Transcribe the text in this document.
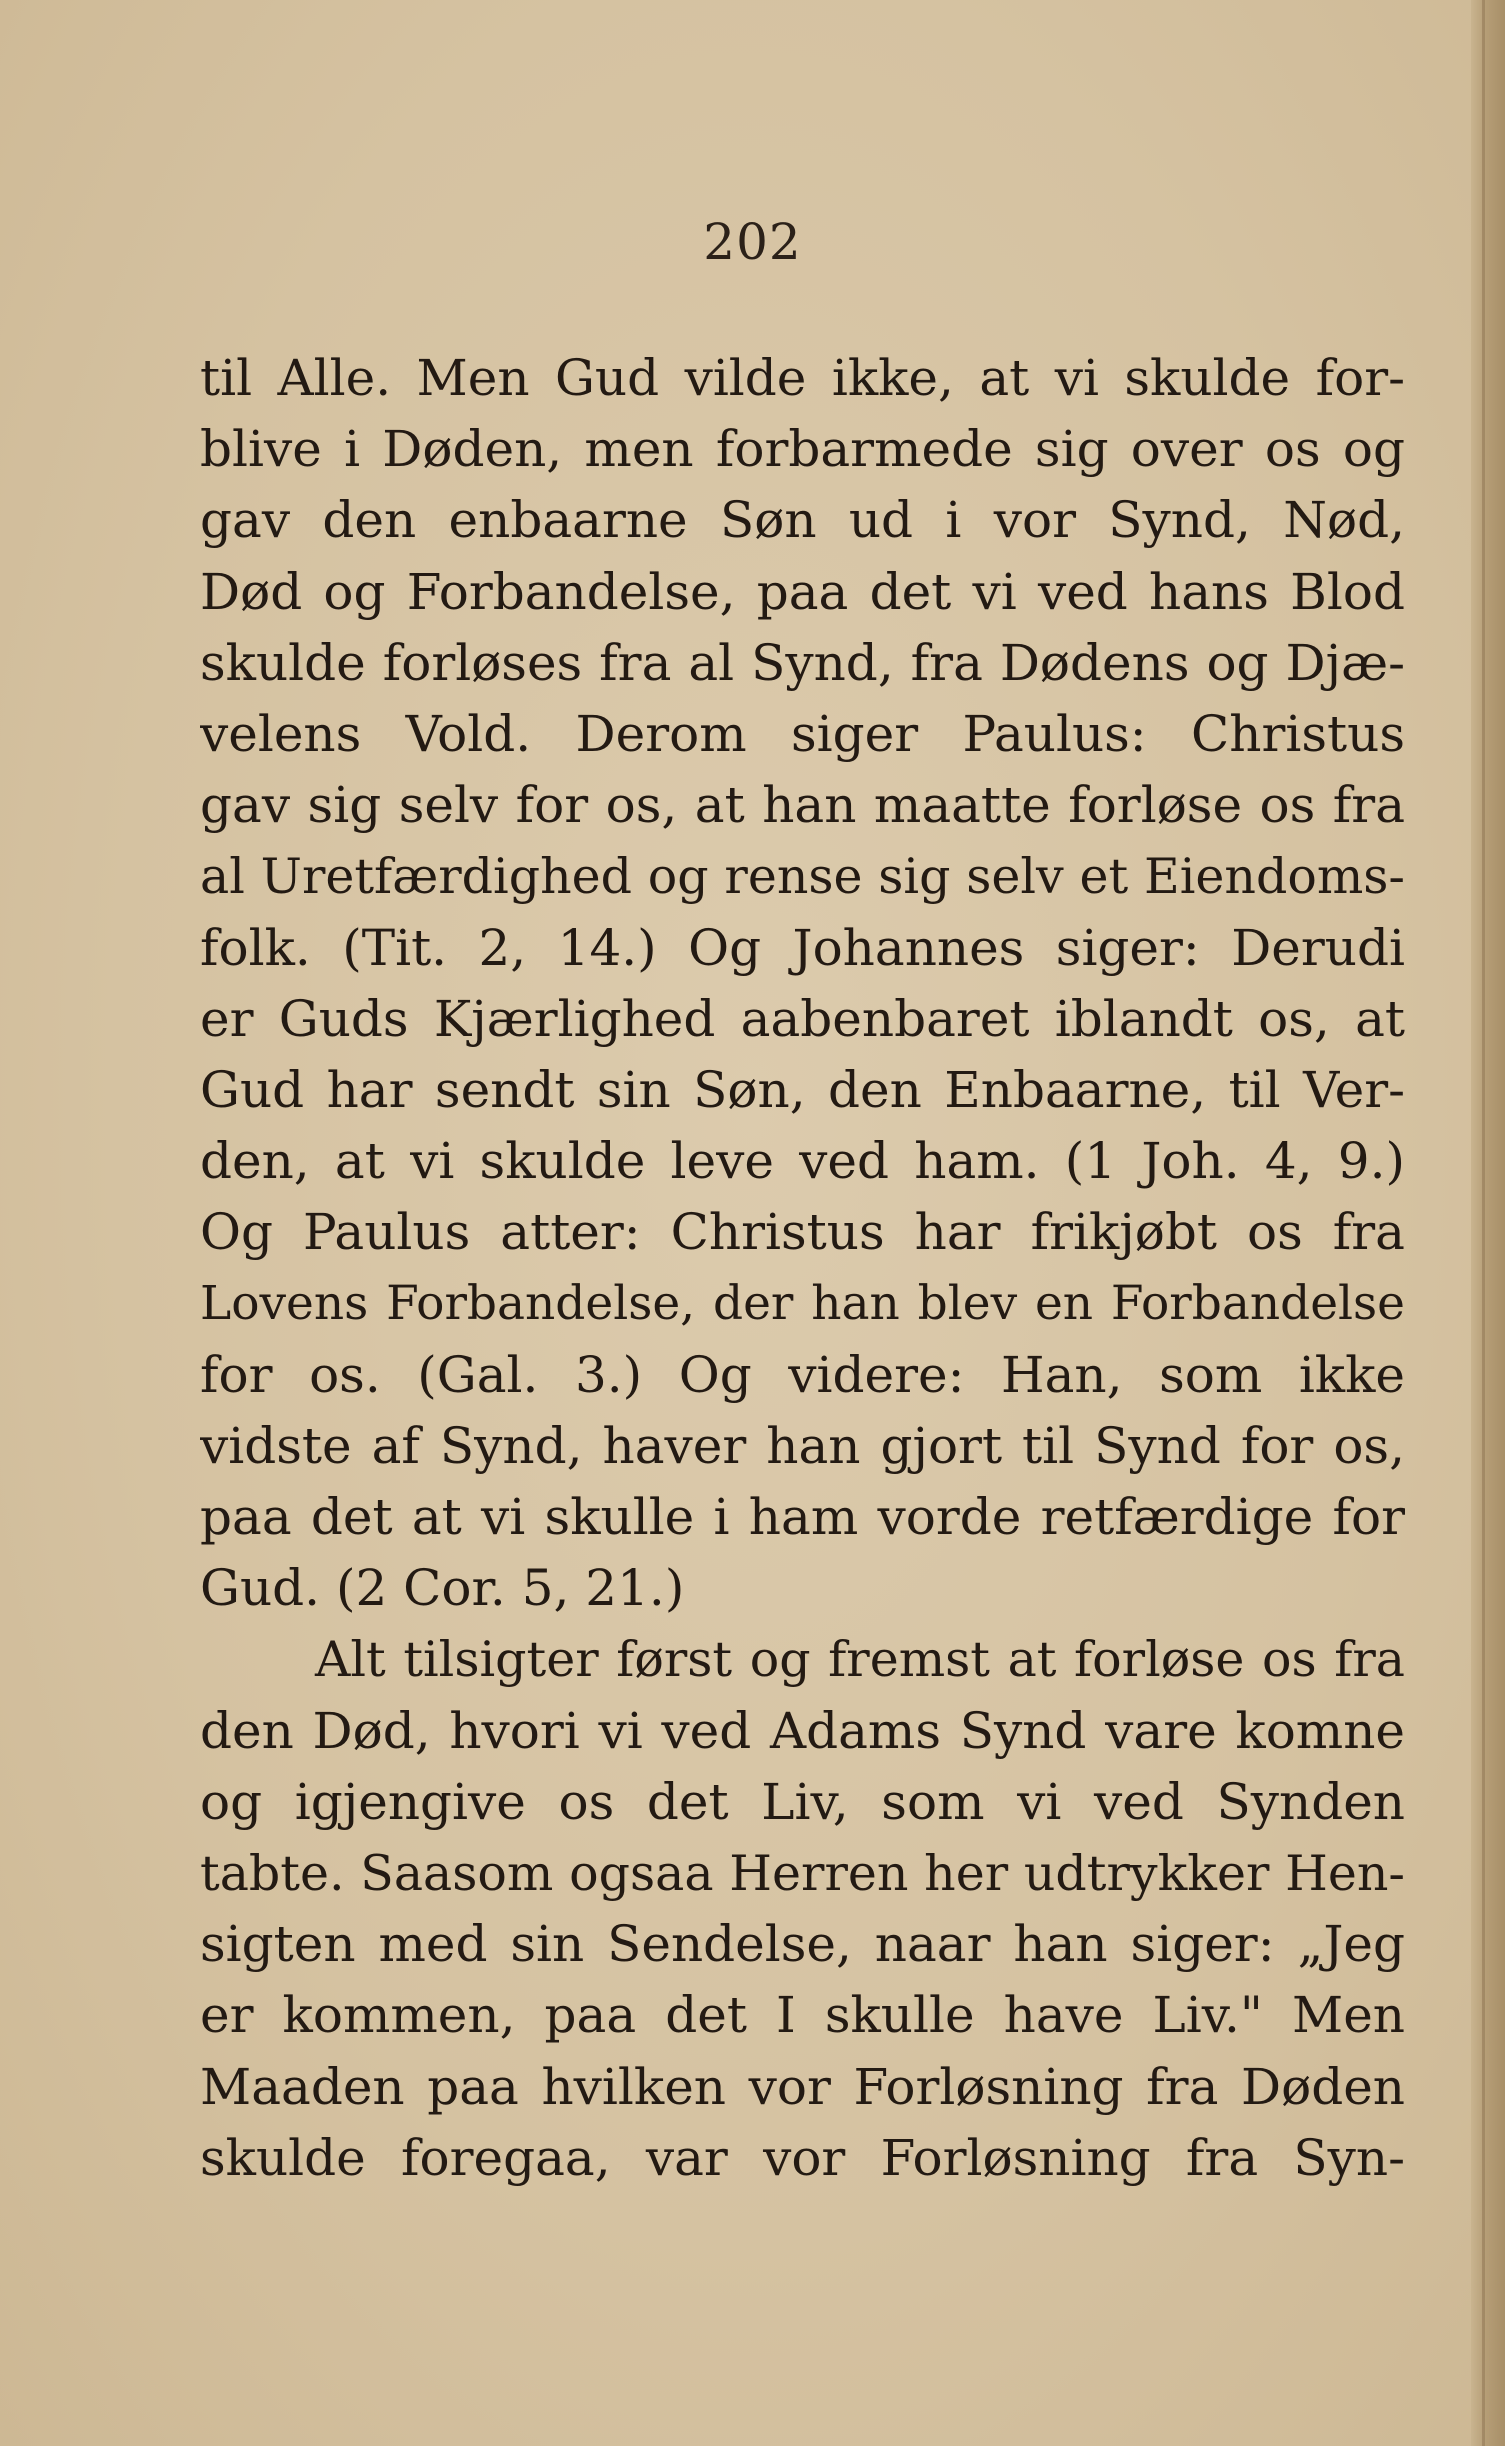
202
til Alle. Men Gud vilde ikke, at vi skulde for-
blive i Døden, men forbarmede sig over os og
gav den enbaarne Søn ud i vor Synd, Nød,
Død og Forbandelse, paa det vi ved hans Blod
skulde forløses fra al Synd, fra Dødens og Djæ-
velens Vold. Derom siger Paulus: Christus
gav sig selv for os, at han maatte forløse os fra
al Uretfærdighed og rense sig selv et Eiendoms-
folk. (Tit. 2, 14.) Og Johannes siger: Derudi
er Guds Kjærlighed aabenbaret iblandt os, at
Gud har sendt sin Søn, den Enbaarne, til Ver-
den, at vi skulde leve ved ham. (1 Joh. 4, 9.)
Og Paulus atter: Christus har frikjøbt os fra
Lovens Forbandelse, der han blev en Forbandelse
for os. (Gal. 3.) Og videre: Han, som ikke
vidste af Synd, haver han gjort til Synd for os,
paa det at vi skulle i ham vorde retfærdige for
Gud. (2 Cor. 5, 21.)
Alt tilsigter først og fremst at forløse os fra
den Død, hvori vi ved Adams Synd vare komne
og igjengive os det Liv, som vi ved Synden
tabte. Saasom ogsaa Herren her udtrykker Hen-
sigten med sin Sendelse, naar han siger: „Jeg
er kommen, paa det I skulle have Liv." Men
Maaden paa hvilken vor Forløsning fra Døden
skulde foregaa, var vor Forløsning fra Syn-
